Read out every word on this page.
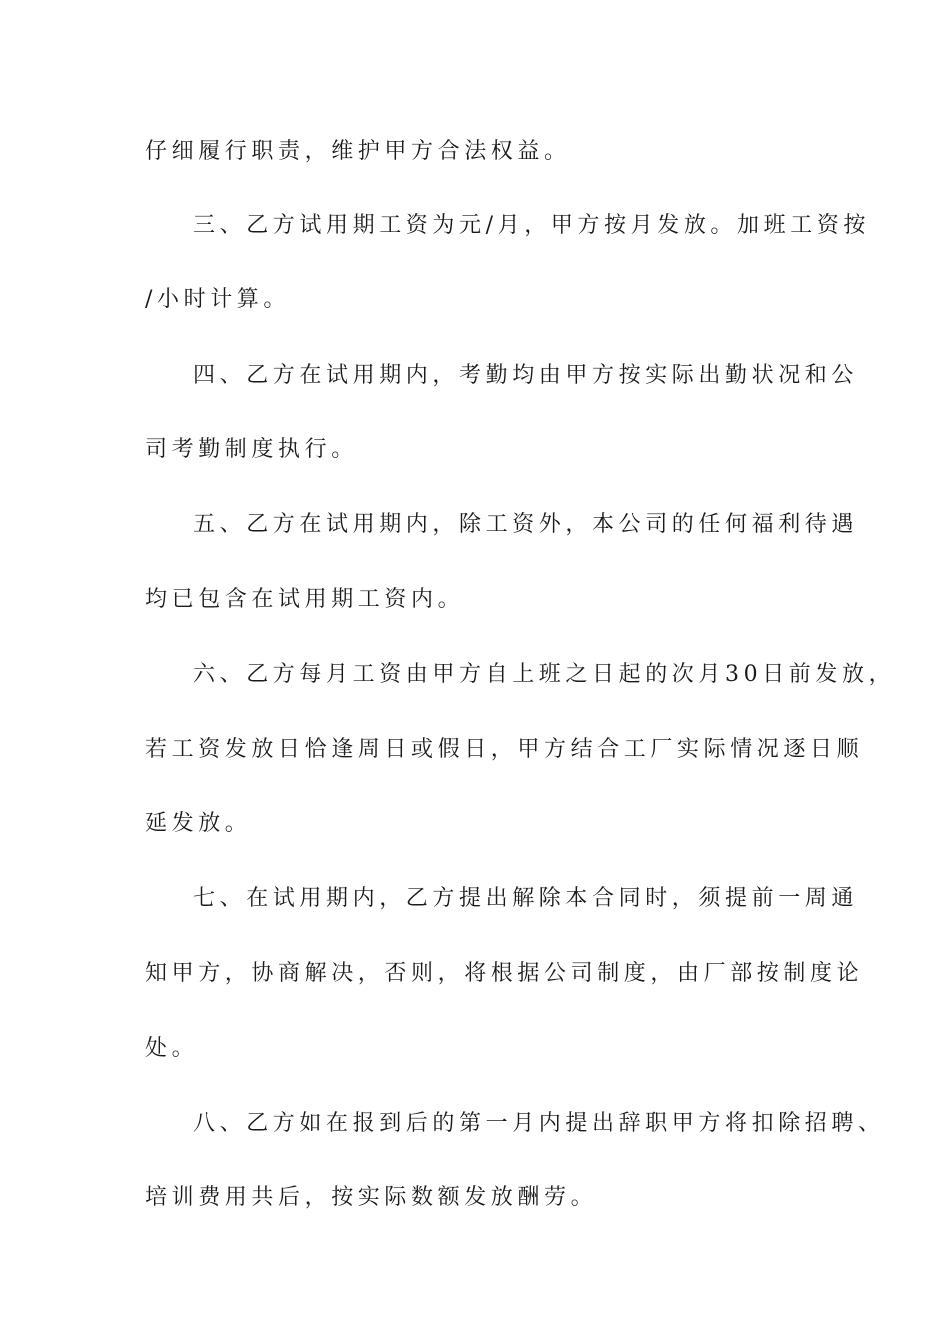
仔细履行职责，维护甲方合法权益。
三、乙方试用期工资为元/月，甲方按月发放。加班工资按
/小时计算。
四、乙方在试用期内，考勤均由甲方按实际出勤状况和公
司考勤制度执行。
五、乙方在试用期内，除工资外，本公司的任何福利待遇
均已包含在试用期工资内。
六、乙方每月工资由甲方自上班之日起的次月30日前发放，
若工资发放日恰逢周日或假日，甲方结合工厂实际情况逐日顺
延发放。
七、在试用期内，乙方提出解除本合同时，须提前一周通
知甲方，协商解决，否则，将根据公司制度，由厂部按制度论
处。
八、乙方如在报到后的第一月内提出辞职甲方将扣除招聘、
培训费用共后，按实际数额发放酬劳。
